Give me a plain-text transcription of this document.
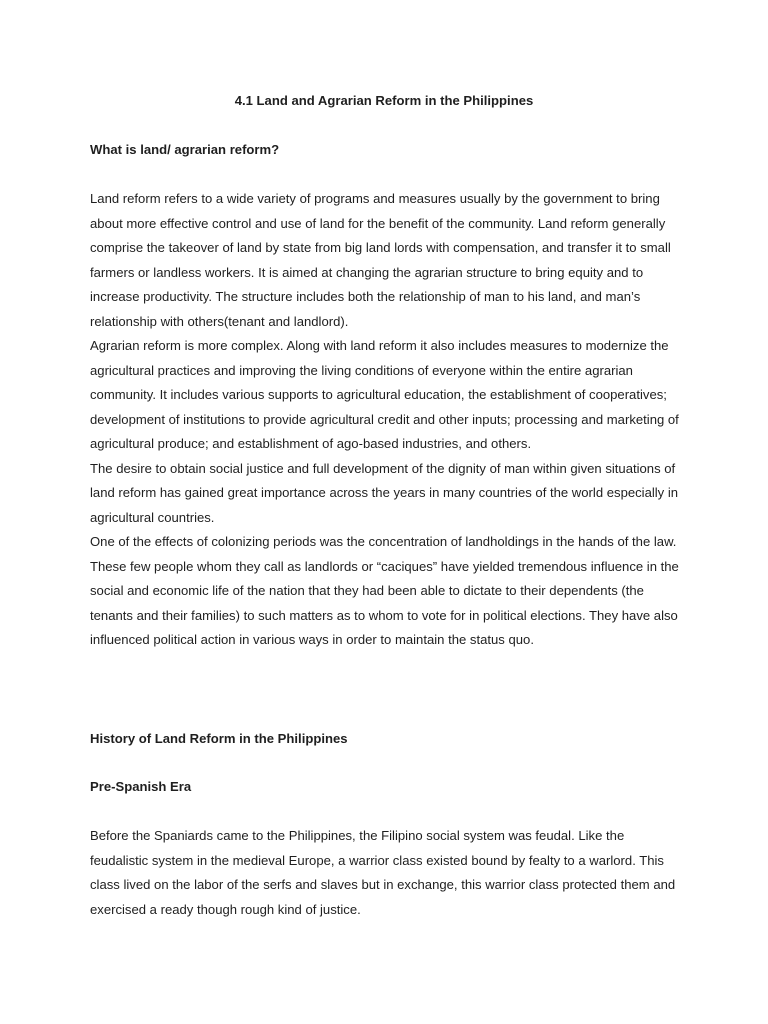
4.1 Land and Agrarian Reform in the Philippines
What is land/ agrarian reform?

Land reform refers to a wide variety of programs and measures usually by the government to bring about more effective control and use of land for the benefit of the community. Land reform generally comprise the takeover of land by state from big land lords with compensation, and transfer it to small farmers or landless workers. It is aimed at changing the agrarian structure to bring equity and to increase productivity. The structure includes both the relationship of man to his land, and man’s relationship with others(tenant and landlord).

Agrarian reform is more complex. Along with land reform it also includes measures to modernize the agricultural practices and improving the living conditions of everyone within the entire agrarian community. It includes various supports to agricultural education, the establishment of cooperatives; development of institutions to provide agricultural credit and other inputs; processing and marketing of agricultural produce; and establishment of ago-based industries, and others.

The desire to obtain social justice and full development of the dignity of man within given situations of land reform has gained great importance across the years in many countries of the world especially in agricultural countries.

One of the effects of colonizing periods was the concentration of landholdings in the hands of the law. These few people whom they call as landlords or “caciques” have yielded tremendous influence in the social and economic life of the nation that they had been able to dictate to their dependents (the tenants and their families) to such matters as to whom to vote for in political elections. They have also influenced political action in various ways in order to maintain the status quo.

History of Land Reform in the Philippines
Pre-Spanish Era

Before the Spaniards came to the Philippines, the Filipino social system was feudal. Like the feudalistic system in the medieval Europe, a warrior class existed bound by fealty to a warlord. This class lived on the labor of the serfs and slaves but in exchange, this warrior class protected them and exercised a ready though rough kind of justice.
